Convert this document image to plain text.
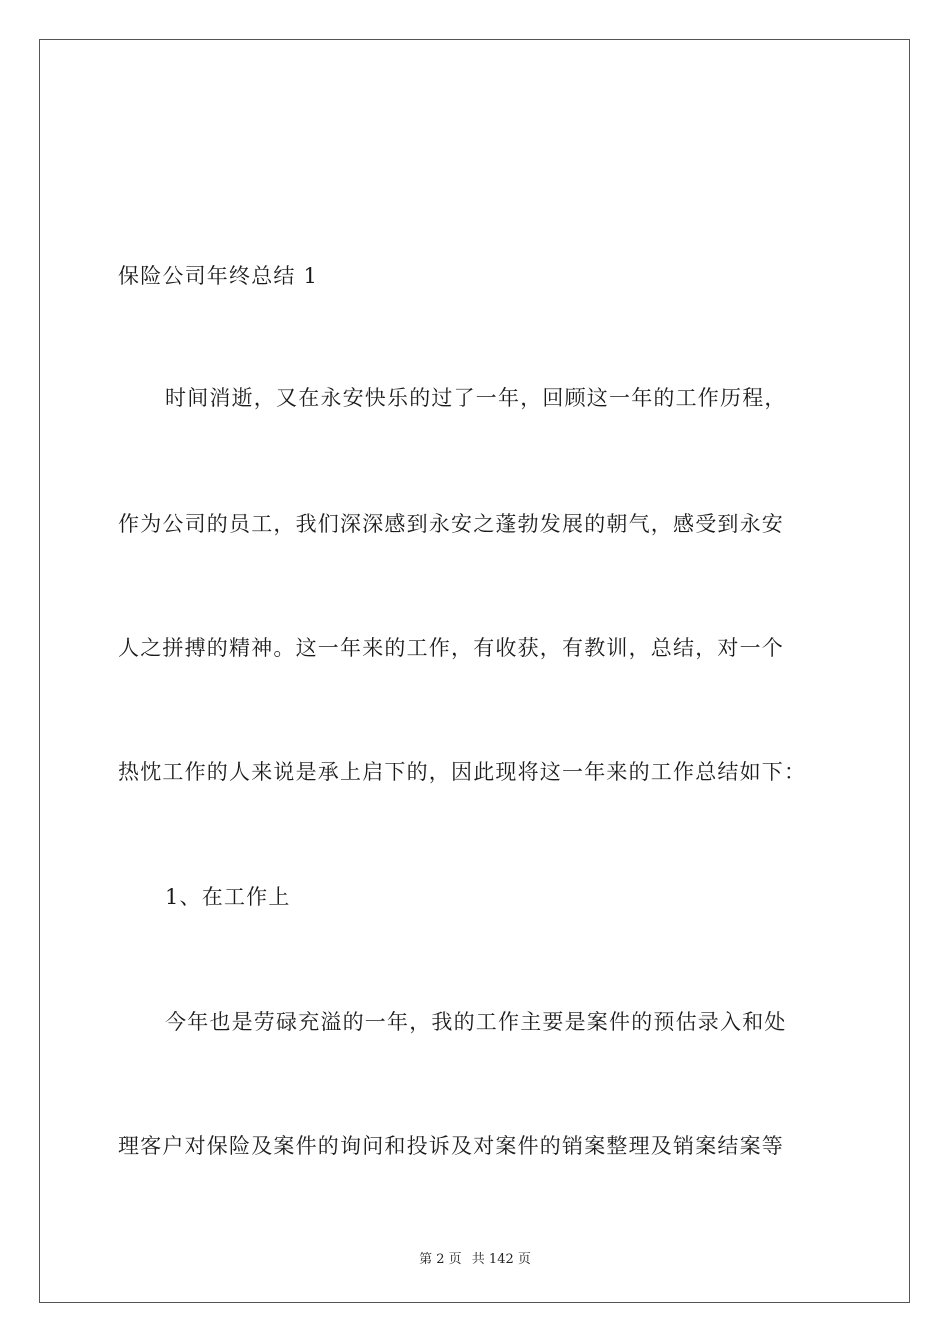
保险公司年终总结 1
时间消逝，又在永安快乐的过了一年，回顾这一年的工作历程，
作为公司的员工，我们深深感到永安之蓬勃发展的朝气，感受到永安
人之拼搏的精神。这一年来的工作，有收获，有教训，总结，对一个
热忱工作的人来说是承上启下的，因此现将这一年来的工作总结如下：
1、在工作上
今年也是劳碌充溢的一年，我的工作主要是案件的预估录入和处
理客户对保险及案件的询问和投诉及对案件的销案整理及销案结案等
第 2 页 共 142 页
